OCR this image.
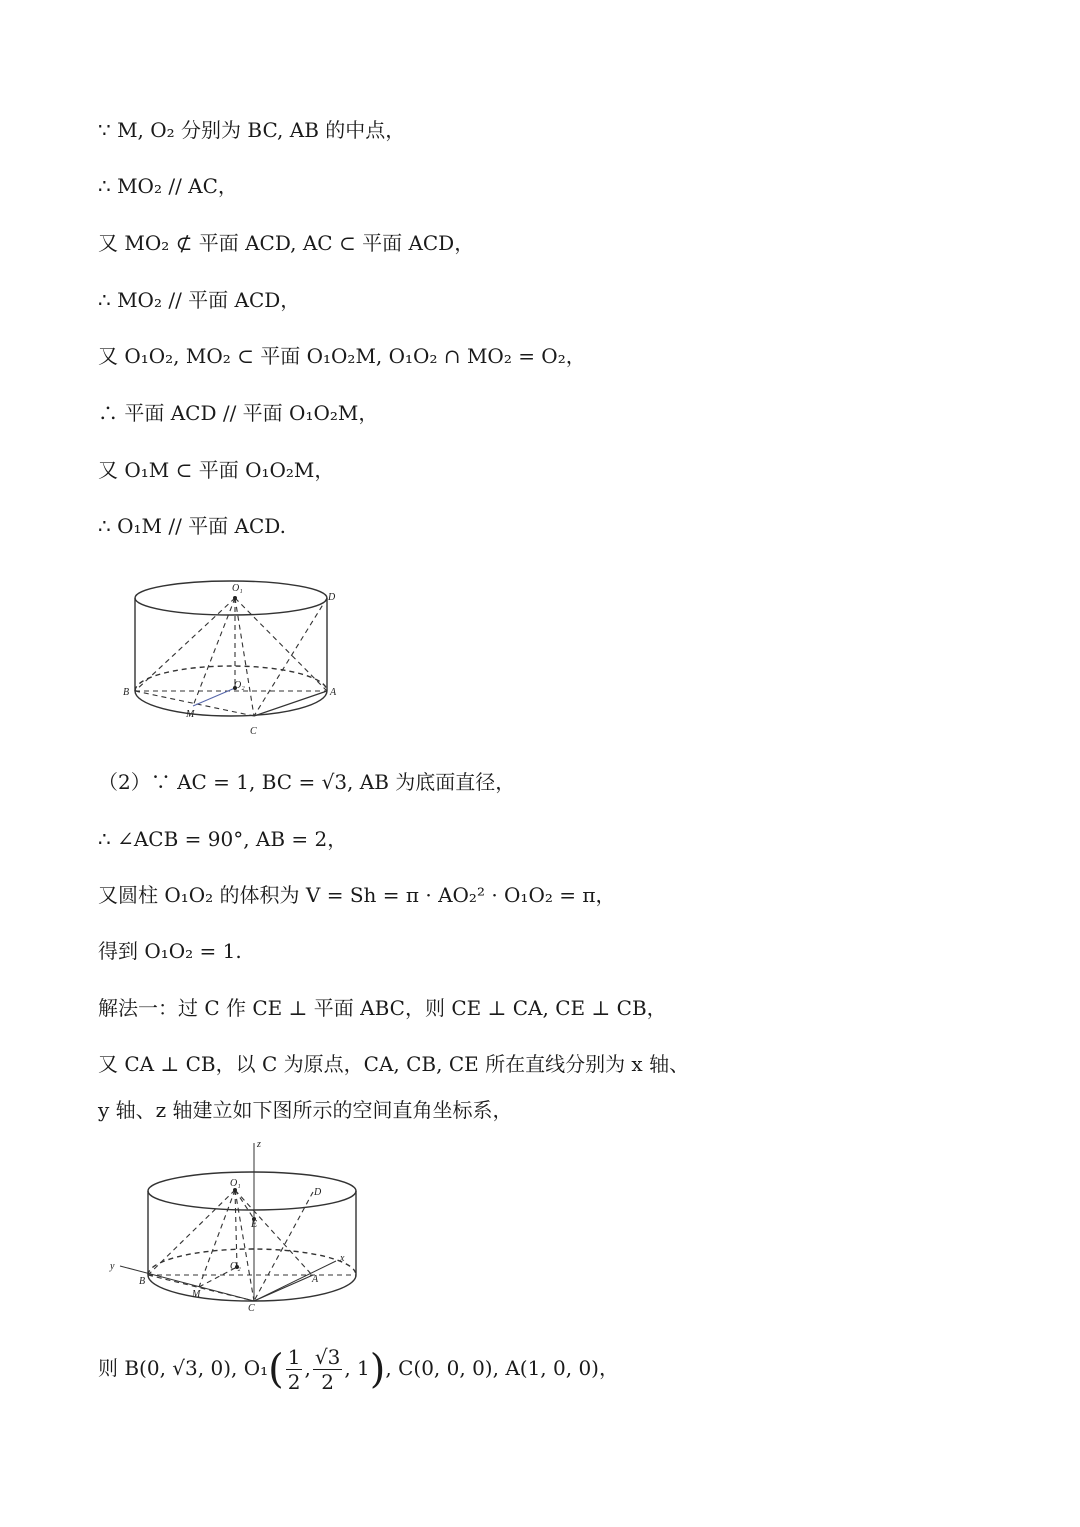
∵ M, O₂ 分别为 BC, AB 的中点，
∴ MO₂ // AC，
又 MO₂ ⊄ 平面 ACD, AC ⊂ 平面 ACD，
∴ MO₂ // 平面 ACD，
又 O₁O₂, MO₂ ⊂ 平面 O₁O₂M, O₁O₂ ∩ MO₂ = O₂，
∴ 平面 ACD // 平面 O₁O₂M，
又 O₁M ⊂ 平面 O₁O₂M，
∴ O₁M // 平面 ACD.
O₁
D
O₂
B	A
M
C
（2）∵ AC = 1, BC = √3, AB 为底面直径，
∴ ∠ACB = 90°, AB = 2，
又圆柱 O₁O₂ 的体积为 V = Sh = π · AO₂² · O₁O₂ = π，
得到 O₁O₂ = 1.
解法一：过 C 作 CE ⊥ 平面 ABC，则 CE ⊥ CA, CE ⊥ CB，
又 CA ⊥ CB，以 C 为原点，CA, CB, CE 所在直线分别为 x 轴、
y 轴、z 轴建立如下图所示的空间直角坐标系，
z
O₁
D
E
x
y	O₂
B	A
M
C
则 B(0, √3, 0), $O_1( \frac{1}{2}$ , $\frac{√3}{2}$ , 1), C(0, 0, 0), A(1, 0, 0)，
